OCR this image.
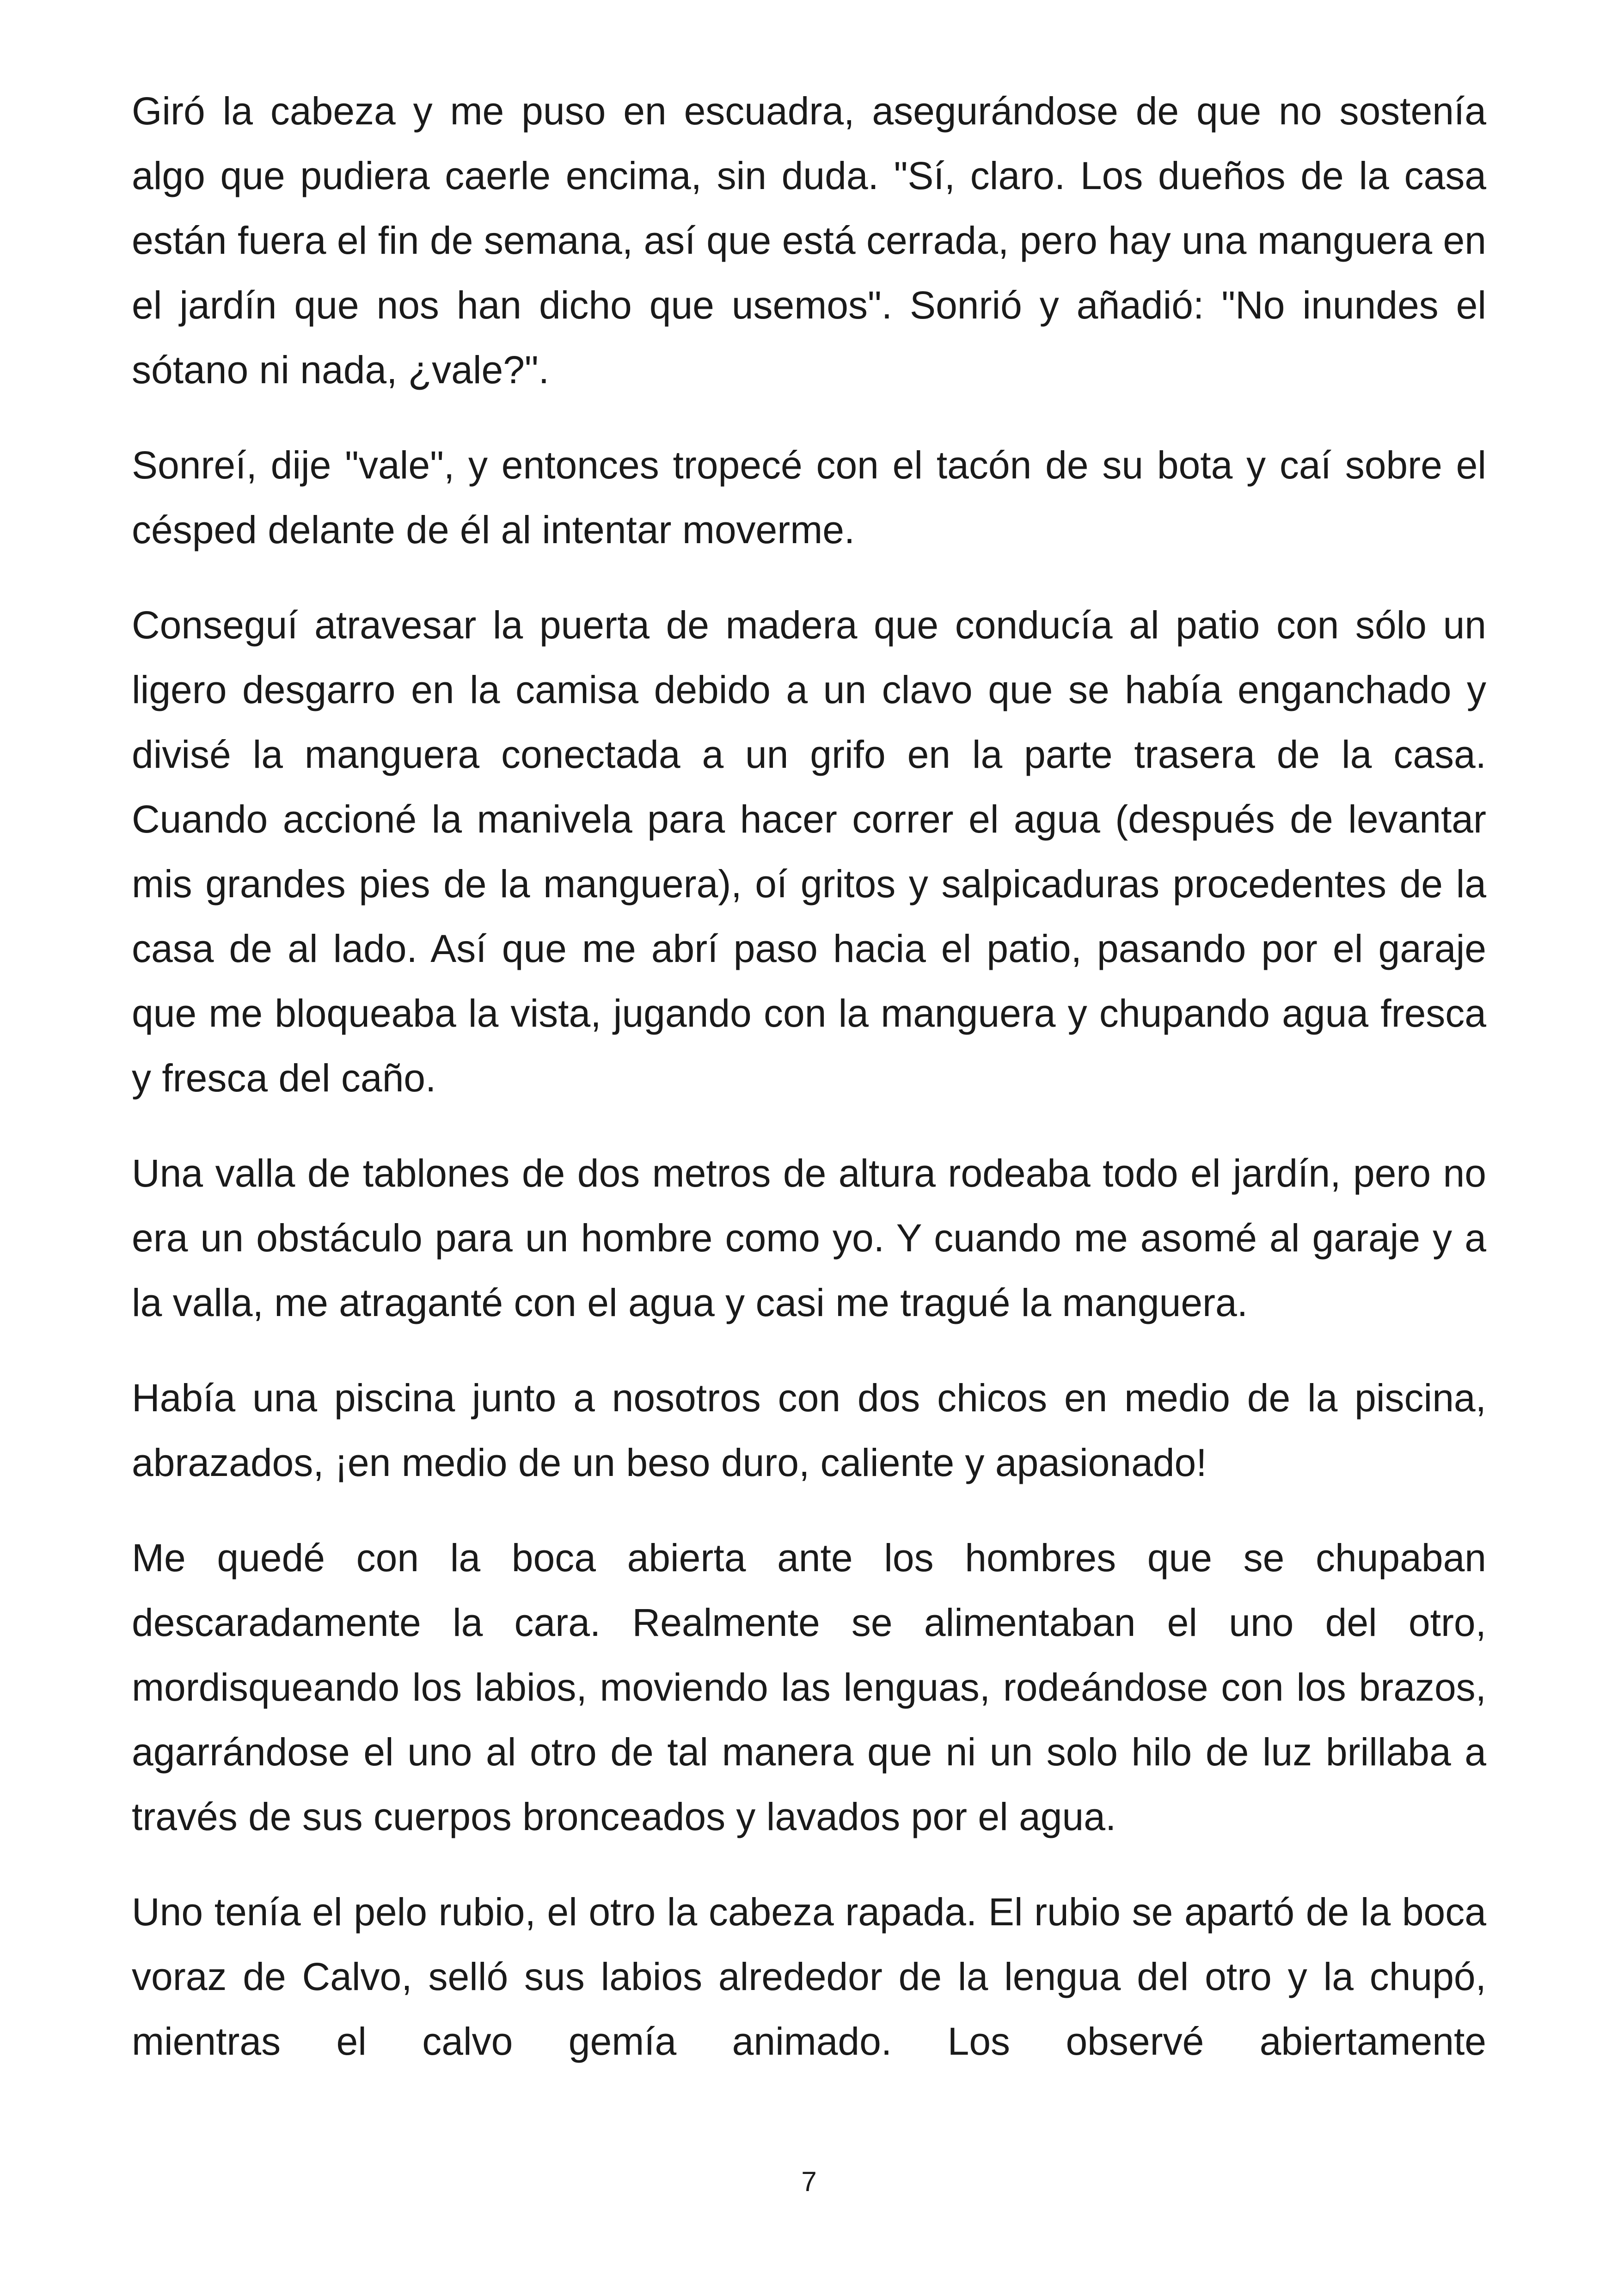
Giró la cabeza y me puso en escuadra, asegurándose de que no sostenía algo que pudiera caerle encima, sin duda. "Sí, claro. Los dueños de la casa están fuera el fin de semana, así que está cerrada, pero hay una manguera en el jardín que nos han dicho que usemos". Sonrió y añadió: "No inundes el sótano ni nada, ¿vale?".

Sonreí, dije "vale", y entonces tropecé con el tacón de su bota y caí sobre el césped delante de él al intentar moverme.

Conseguí atravesar la puerta de madera que conducía al patio con sólo un ligero desgarro en la camisa debido a un clavo que se había enganchado y divisé la manguera conectada a un grifo en la parte trasera de la casa. Cuando accioné la manivela para hacer correr el agua (después de levantar mis grandes pies de la manguera), oí gritos y salpicaduras procedentes de la casa de al lado. Así que me abrí paso hacia el patio, pasando por el garaje que me bloqueaba la vista, jugando con la manguera y chupando agua fresca y fresca del caño.

Una valla de tablones de dos metros de altura rodeaba todo el jardín, pero no era un obstáculo para un hombre como yo. Y cuando me asomé al garaje y a la valla, me atraganté con el agua y casi me tragué la manguera.

Había una piscina junto a nosotros con dos chicos en medio de la piscina, abrazados, ¡en medio de un beso duro, caliente y apasionado!

Me quedé con la boca abierta ante los hombres que se chupaban descaradamente la cara. Realmente se alimentaban el uno del otro, mordisqueando los labios, moviendo las lenguas, rodeándose con los brazos, agarrándose el uno al otro de tal manera que ni un solo hilo de luz brillaba a través de sus cuerpos bronceados y lavados por el agua.

Uno tenía el pelo rubio, el otro la cabeza rapada. El rubio se apartó de la boca voraz de Calvo, selló sus labios alrededor de la lengua del otro y la chupó, mientras el calvo gemía animado. Los observé abiertamente

7
